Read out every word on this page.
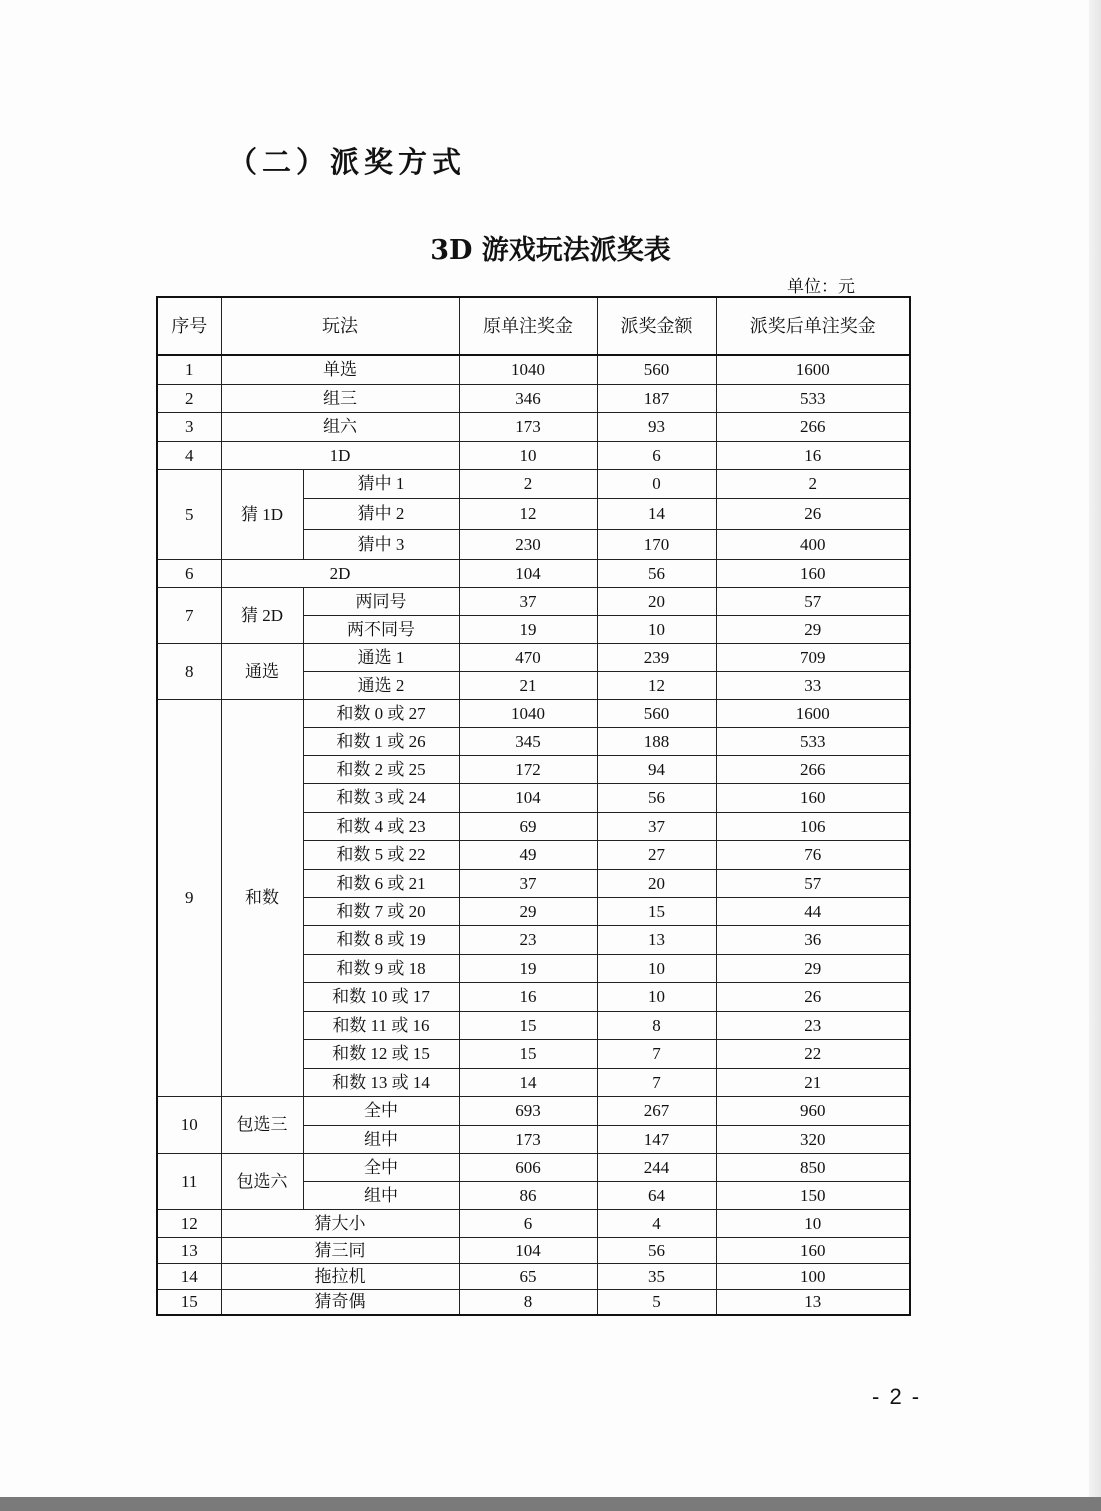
（二）派奖方式
3D 游戏玩法派奖表
单位：元
序号	玩法		原单注奖金	派奖金额	派奖后单注奖金
1	单选		1040	560	1600
2	组三		346	187	533
3	组六		173	93	266
4	1D		10	6	16
5	猜 1D	猜中 1	2	0	2
		猜中 2	12	14	26
		猜中 3	230	170	400
6	2D		104	56	160
7	猜 2D	两同号	37	20	57
		两不同号	19	10	29
8	通选	通选 1	470	239	709
		通选 2	21	12	33
9	和数	和数 0 或 27	1040	560	1600
		和数 1 或 26	345	188	533
		和数 2 或 25	172	94	266
		和数 3 或 24	104	56	160
		和数 4 或 23	69	37	106
		和数 5 或 22	49	27	76
		和数 6 或 21	37	20	57
		和数 7 或 20	29	15	44
		和数 8 或 19	23	13	36
		和数 9 或 18	19	10	29
		和数 10 或 17	16	10	26
		和数 11 或 16	15	8	23
		和数 12 或 15	15	7	22
		和数 13 或 14	14	7	21
10	包选三	全中	693	267	960
		组中	173	147	320
11	包选六	全中	606	244	850
		组中	86	64	150
12	猜大小		6	4	10
13	猜三同		104	56	160
14	拖拉机		65	35	100
15	猜奇偶		8	5	13
- 2 -
